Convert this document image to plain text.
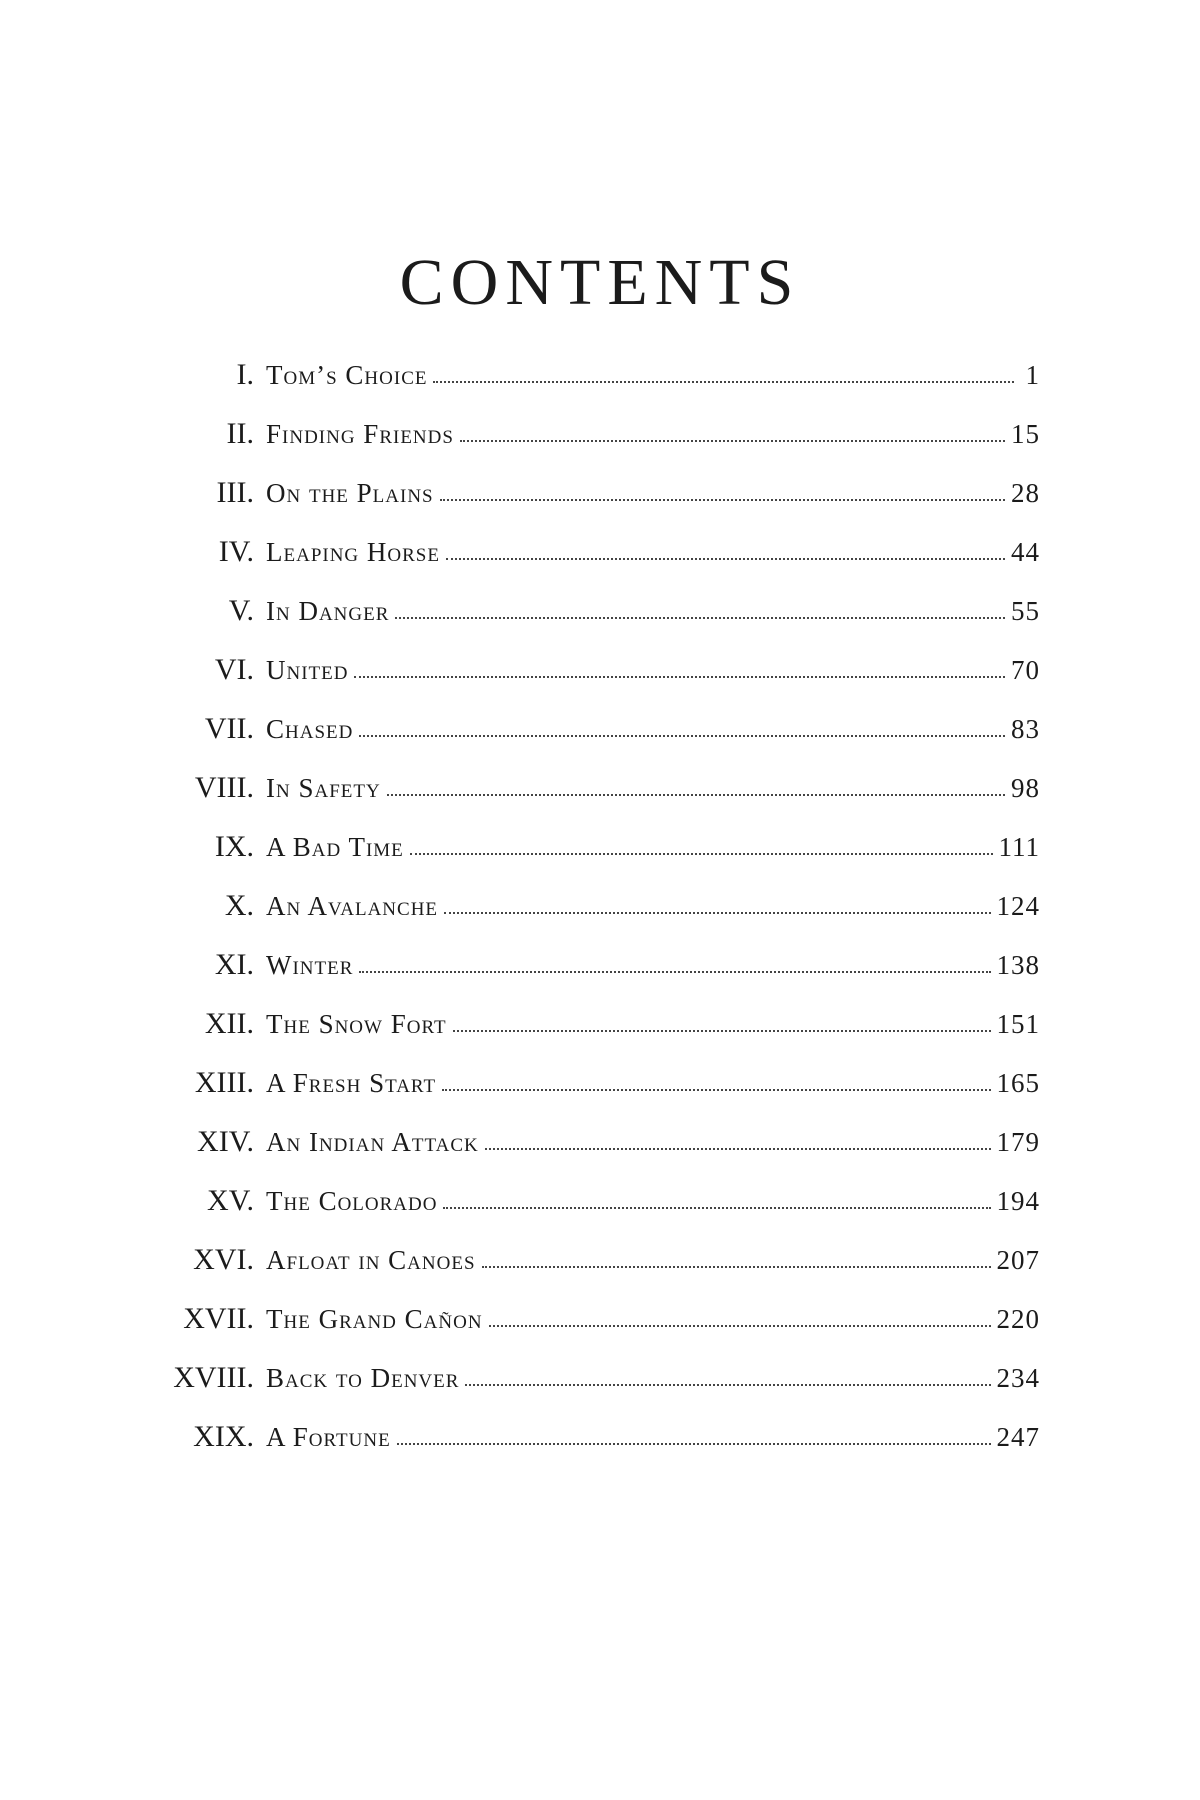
CONTENTS
I. Tom’s Choice	1
II. Finding Friends	15
III. On the Plains	28
IV. Leaping Horse	44
V. In Danger	55
VI. United	70
VII. Chased	83
VIII. In Safety	98
IX. A Bad Time	111
X. An Avalanche	124
XI. Winter	138
XII. The Snow Fort	151
XIII. A Fresh Start	165
XIV. An Indian Attack	179
XV. The Colorado	194
XVI. Afloat in Canoes	207
XVII. The Grand Cañon	220
XVIII. Back to Denver	234
XIX. A Fortune	247
